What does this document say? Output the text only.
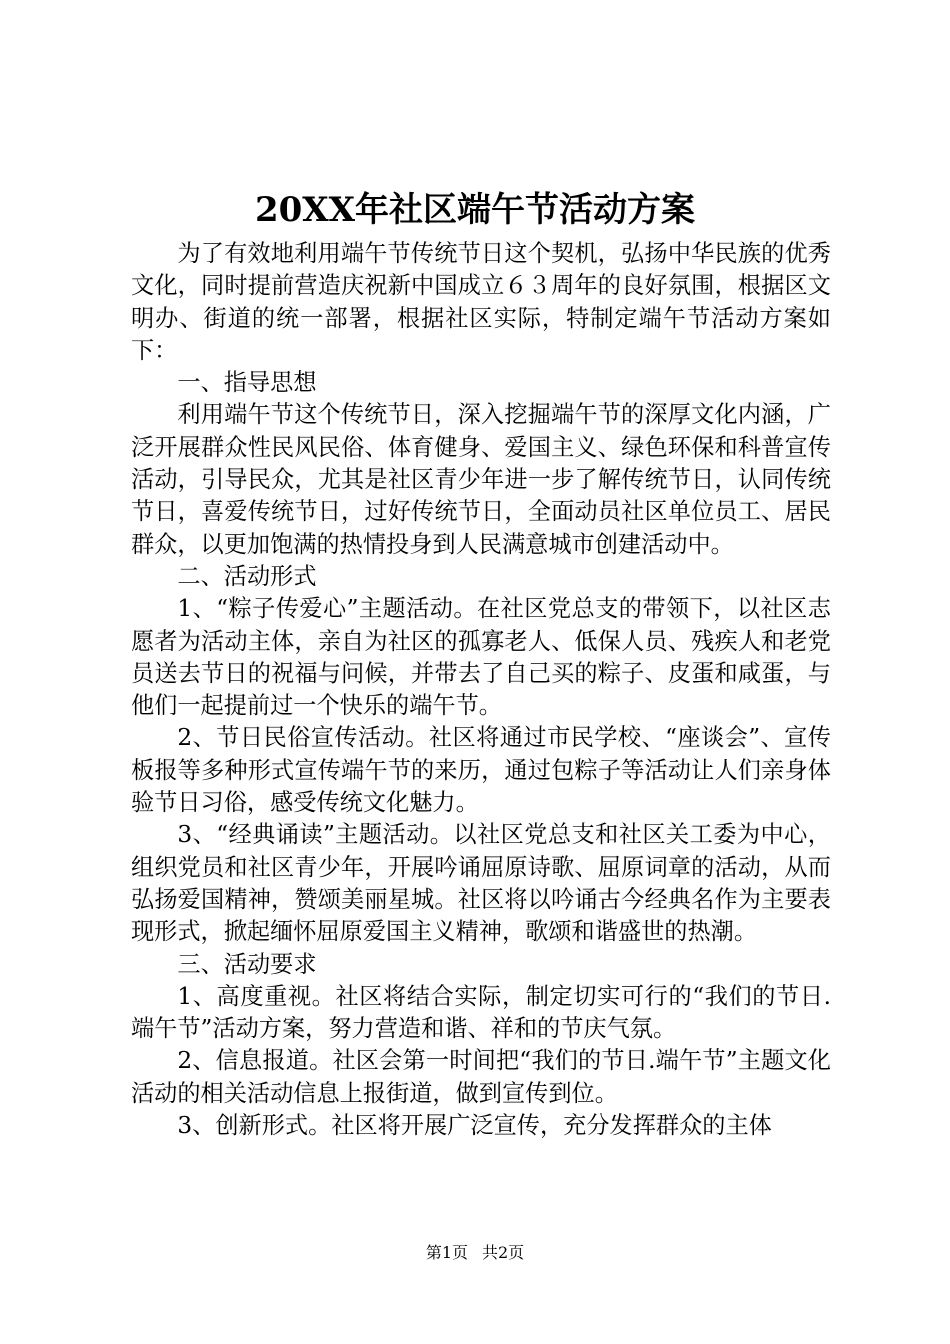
20XX年社区端午节活动方案

为了有效地利用端午节传统节日这个契机，弘扬中华民族的优秀文化，同时提前营造庆祝新中国成立６３周年的良好氛围，根据区文明办、街道的统一部署，根据社区实际，特制定端午节活动方案如下：

一、指导思想

利用端午节这个传统节日，深入挖掘端午节的深厚文化内涵，广泛开展群众性民风民俗、体育健身、爱国主义、绿色环保和科普宣传活动，引导民众，尤其是社区青少年进一步了解传统节日，认同传统节日，喜爱传统节日，过好传统节日，全面动员社区单位员工、居民群众，以更加饱满的热情投身到人民满意城市创建活动中。

二、活动形式

1、“粽子传爱心”主题活动。在社区党总支的带领下，以社区志愿者为活动主体，亲自为社区的孤寡老人、低保人员、残疾人和老党员送去节日的祝福与问候，并带去了自己买的粽子、皮蛋和咸蛋，与他们一起提前过一个快乐的端午节。

2、节日民俗宣传活动。社区将通过市民学校、“座谈会”、宣传板报等多种形式宣传端午节的来历，通过包粽子等活动让人们亲身体验节日习俗，感受传统文化魅力。

3、“经典诵读”主题活动。以社区党总支和社区关工委为中心，组织党员和社区青少年，开展吟诵屈原诗歌、屈原词章的活动，从而弘扬爱国精神，赞颂美丽星城。社区将以吟诵古今经典名作为主要表现形式，掀起缅怀屈原爱国主义精神，歌颂和谐盛世的热潮。

三、活动要求

1、高度重视。社区将结合实际，制定切实可行的“我们的节日.端午节”活动方案，努力营造和谐、祥和的节庆气氛。

2、信息报道。社区会第一时间把“我们的节日.端午节”主题文化活动的相关活动信息上报街道，做到宣传到位。

3、创新形式。社区将开展广泛宣传，充分发挥群众的主体

第1页 共2页
